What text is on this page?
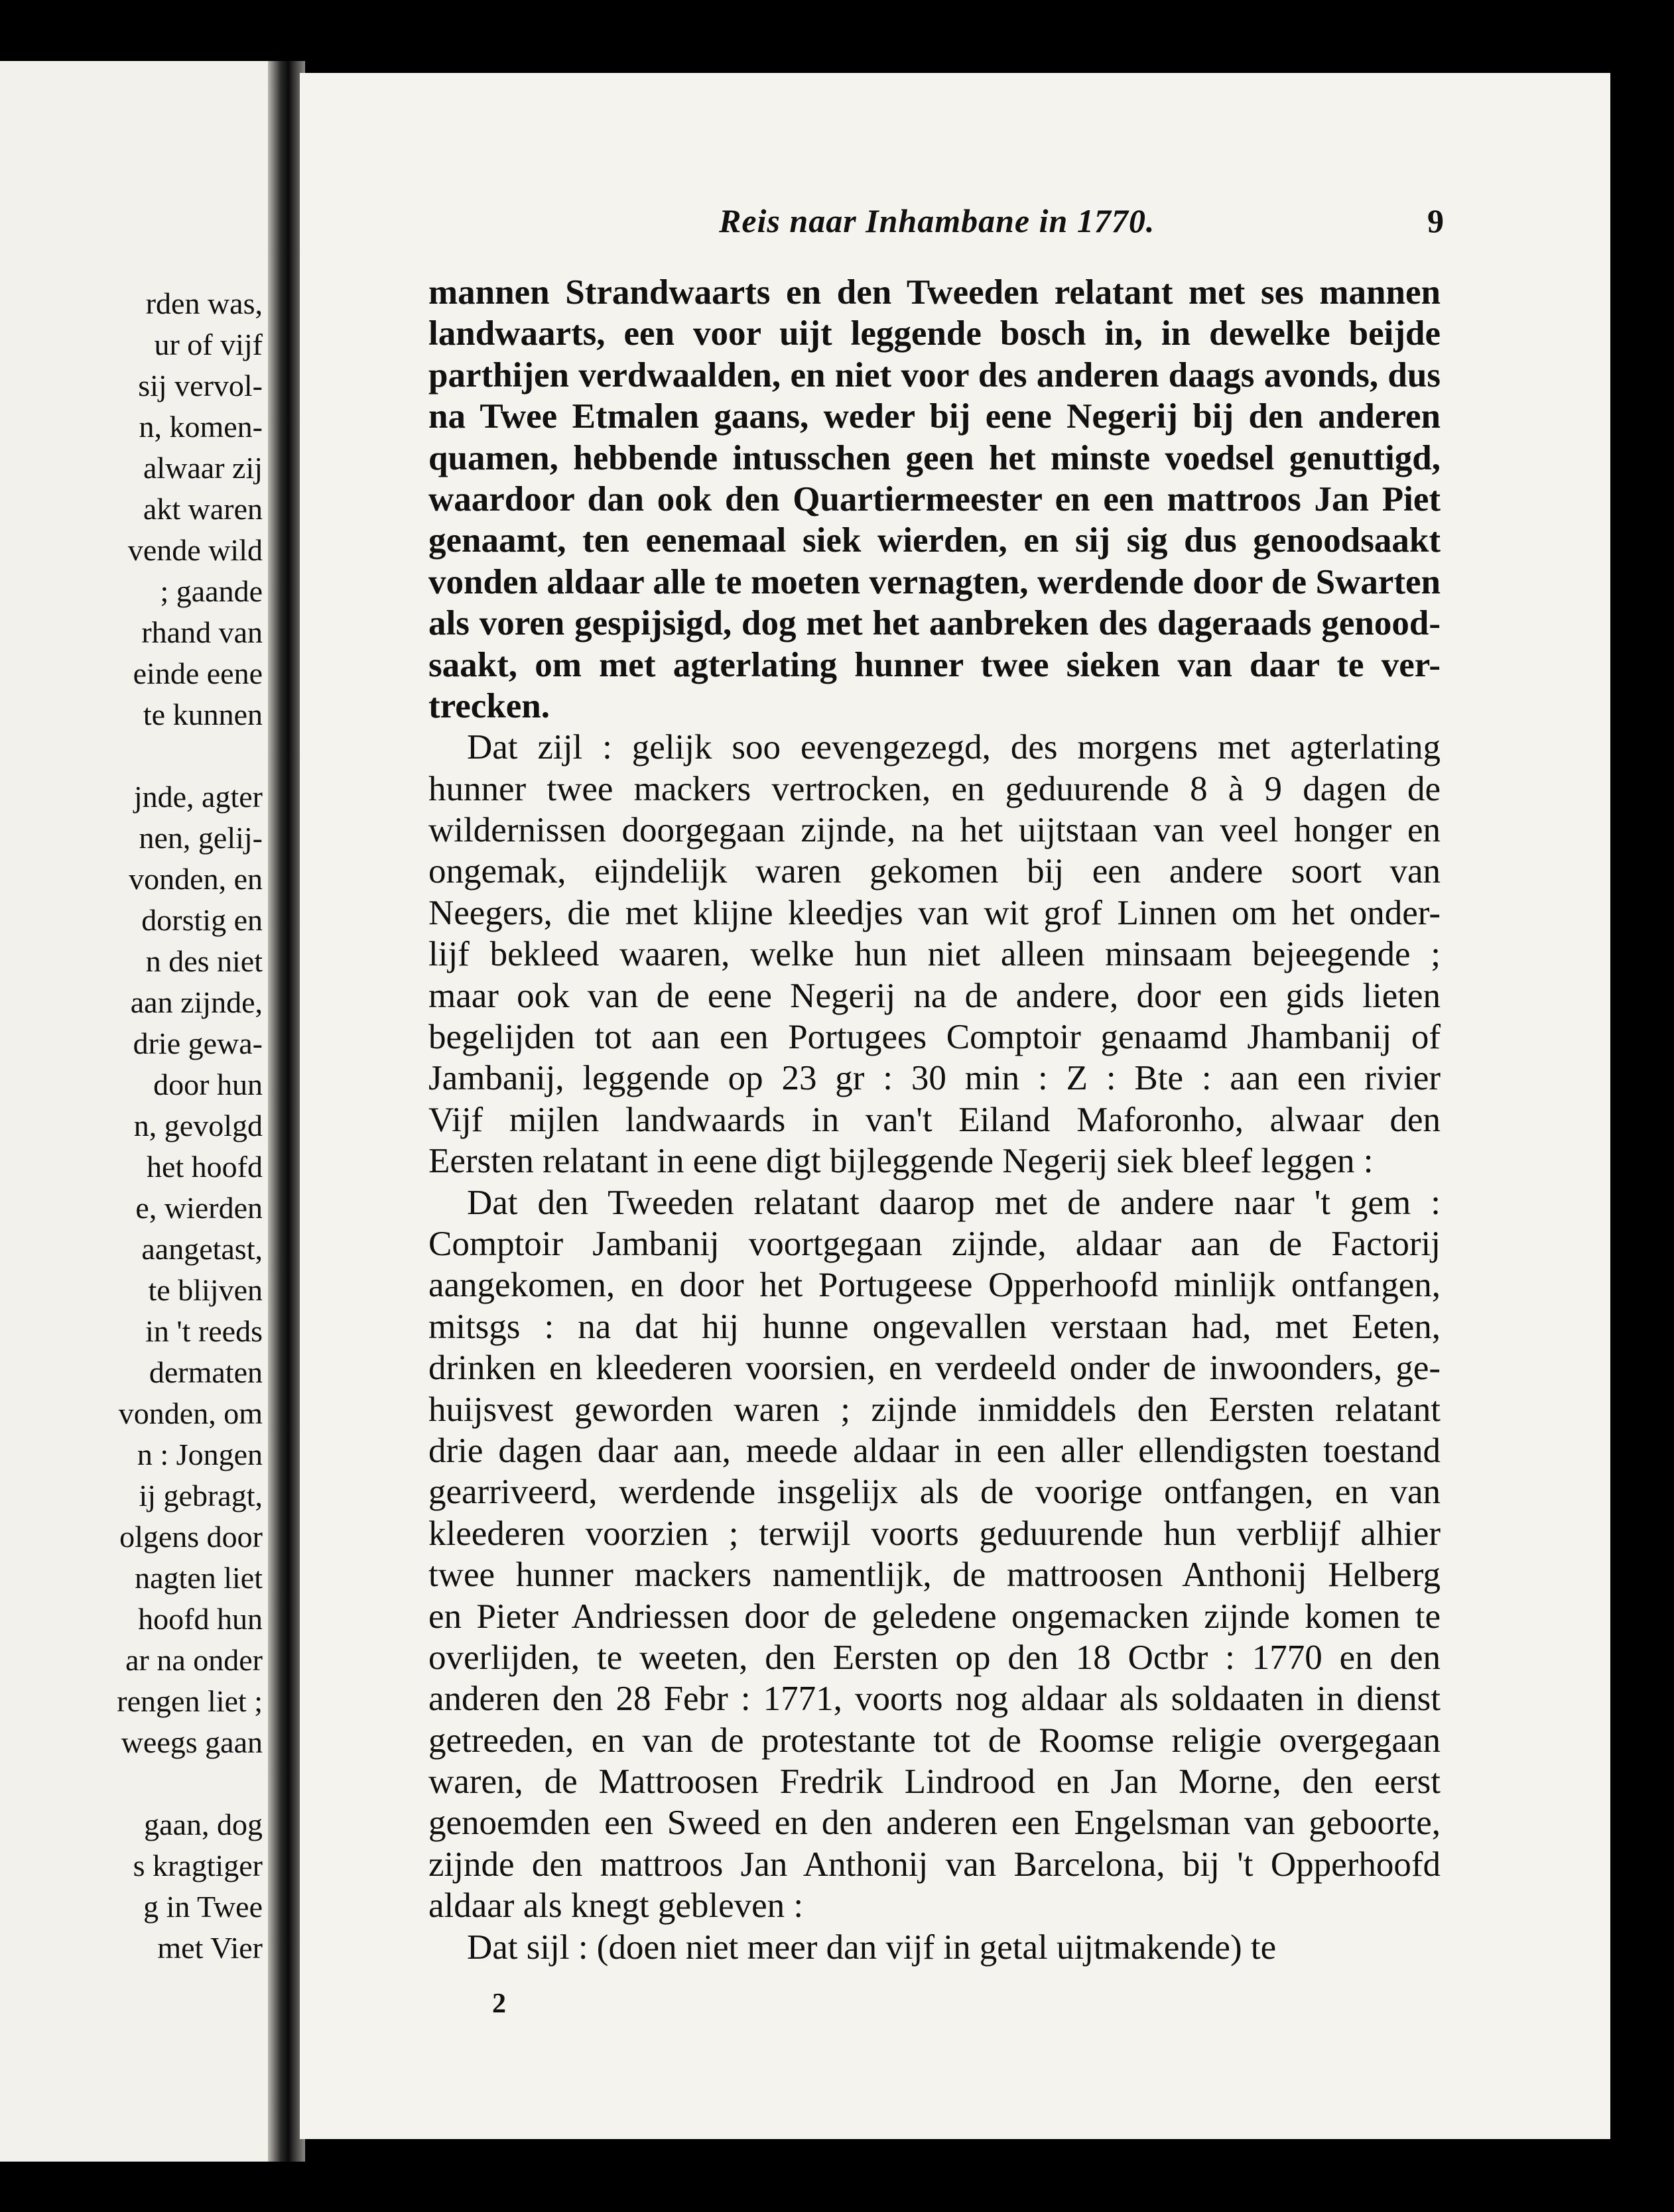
rden was,
ur of vijf
sij vervol-
n, komen-
alwaar zij
akt waren
vende wild
; gaande
rhand van
einde eene
te kunnen
jnde, agter
nen, gelij-
vonden, en
dorstig en
n des niet
aan zijnde,
drie gewa-
door hun
n, gevolgd
het hoofd
e, wierden
aangetast,
te blijven
in 't reeds
dermaten
vonden, om
n : Jongen
ij gebragt,
olgens door
nagten liet
hoofd hun
ar na onder
rengen liet ;
weegs gaan
gaan, dog
s kragtiger
g in Twee
met Vier
Reis naar Inhambane in 1770.	9
mannen Strandwaarts en den Tweeden relatant met ses mannen
landwaarts, een voor uijt leggende bosch in, in dewelke beijde
parthijen verdwaalden, en niet voor des anderen daags avonds, dus
na Twee Etmalen gaans, weder bij eene Negerij bij den anderen
quamen, hebbende intusschen geen het minste voedsel genuttigd,
waardoor dan ook den Quartiermeester en een mattroos Jan Piet
genaamt, ten eenemaal siek wierden, en sij sig dus genoodsaakt
vonden aldaar alle te moeten vernagten, werdende door de Swarten
als voren gespijsigd, dog met het aanbreken des dageraads genood-
saakt, om met agterlating hunner twee sieken van daar te ver-
trecken.
Dat zijl : gelijk soo eevengezegd, des morgens met agterlating
hunner twee mackers vertrocken, en geduurende 8 à 9 dagen de
wildernissen doorgegaan zijnde, na het uijtstaan van veel honger en
ongemak, eijndelijk waren gekomen bij een andere soort van
Neegers, die met klijne kleedjes van wit grof Linnen om het onder-
lijf bekleed waaren, welke hun niet alleen minsaam bejeegende ;
maar ook van de eene Negerij na de andere, door een gids lieten
begelijden tot aan een Portugees Comptoir genaamd Jhambanij of
Jambanij, leggende op 23 gr : 30 min : Z : Bte : aan een rivier
Vijf mijlen landwaards in van't Eiland Maforonho, alwaar den
Eersten relatant in eene digt bijleggende Negerij siek bleef leggen :
Dat den Tweeden relatant daarop met de andere naar 't gem :
Comptoir Jambanij voortgegaan zijnde, aldaar aan de Factorij
aangekomen, en door het Portugeese Opperhoofd minlijk ontfangen,
mitsgs : na dat hij hunne ongevallen verstaan had, met Eeten,
drinken en kleederen voorsien, en verdeeld onder de inwoonders, ge-
huijsvest geworden waren ; zijnde inmiddels den Eersten relatant
drie dagen daar aan, meede aldaar in een aller ellendigsten toestand
gearriveerd, werdende insgelijx als de voorige ontfangen, en van
kleederen voorzien ; terwijl voorts geduurende hun verblijf alhier
twee hunner mackers namentlijk, de mattroosen Anthonij Helberg
en Pieter Andriessen door de geledene ongemacken zijnde komen te
overlijden, te weeten, den Eersten op den 18 Octbr : 1770 en den
anderen den 28 Febr : 1771, voorts nog aldaar als soldaaten in dienst
getreeden, en van de protestante tot de Roomse religie overgegaan
waren, de Mattroosen Fredrik Lindrood en Jan Morne, den eerst
genoemden een Sweed en den anderen een Engelsman van geboorte,
zijnde den mattroos Jan Anthonij van Barcelona, bij 't Opperhoofd
aldaar als knegt gebleven :
Dat sijl : (doen niet meer dan vijf in getal uijtmakende) te
2
